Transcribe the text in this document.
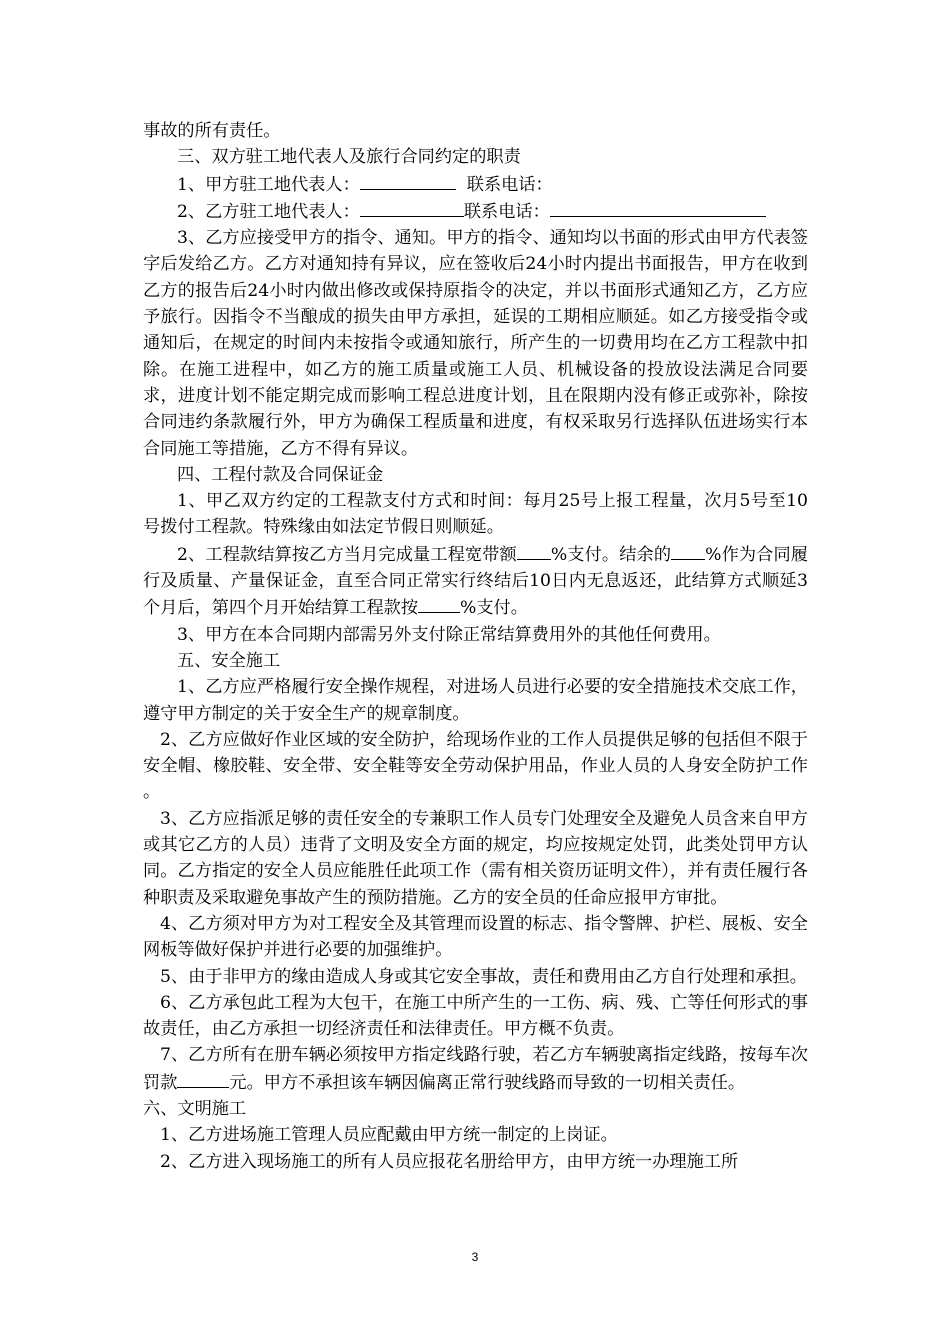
事故的所有责任。

三、双方驻工地代表人及旅行合同约定的职责

1、甲方驻工地代表人：	联系电话：

2、乙方驻工地代表人：	联系电话：

3、乙方应接受甲方的指令、通知。甲方的指令、通知均以书面的形式由甲方代表签字后发给乙方。乙方对通知持有异议，应在签收后24小时内提出书面报告，甲方在收到乙方的报告后24小时内做出修改或保持原指令的决定，并以书面形式通知乙方，乙方应予旅行。因指令不当酿成的损失由甲方承担，延误的工期相应顺延。如乙方接受指令或通知后，在规定的时间内未按指令或通知旅行，所产生的一切费用均在乙方工程款中扣除。在施工进程中，如乙方的施工质量或施工人员、机械设备的投放设法满足合同要求，进度计划不能定期完成而影响工程总进度计划，且在限期内没有修正或弥补，除按合同违约条款履行外，甲方为确保工程质量和进度，有权采取另行选择队伍进场实行本合同施工等措施，乙方不得有异议。

四、工程付款及合同保证金

1、甲乙双方约定的工程款支付方式和时间：每月25号上报工程量，次月5号至10号拨付工程款。特殊缘由如法定节假日则顺延。

2、工程款结算按乙方当月完成量工程宽带额 %支付。结余的 %作为合同履行及质量、产量保证金，直至合同正常实行终结后10日内无息返还，此结算方式顺延3个月后，第四个月开始结算工程款按 %支付。

3、甲方在本合同期内部需另外支付除正常结算费用外的其他任何费用。

五、安全施工

1、乙方应严格履行安全操作规程，对进场人员进行必要的安全措施技术交底工作，遵守甲方制定的关于安全生产的规章制度。

2、乙方应做好作业区域的安全防护，给现场作业的工作人员提供足够的包括但不限于安全帽、橡胶鞋、安全带、安全鞋等安全劳动保护用品，作业人员的人身安全防护工作 。

3、乙方应指派足够的责任安全的专兼职工作人员专门处理安全及避免人员含来自甲方或其它乙方的人员）违背了文明及安全方面的规定，均应按规定处罚，此类处罚甲方认同。乙方指定的安全人员应能胜任此项工作（需有相关资历证明文件），并有责任履行各种职责及采取避免事故产生的预防措施。乙方的安全员的任命应报甲方审批。

4、乙方须对甲方为对工程安全及其管理而设置的标志、指令警牌、护栏、展板、安全网板等做好保护并进行必要的加强维护。

5、由于非甲方的缘由造成人身或其它安全事故，责任和费用由乙方自行处理和承担。

6、乙方承包此工程为大包干，在施工中所产生的一工伤、病、残、亡等任何形式的事故责任，由乙方承担一切经济责任和法律责任。甲方概不负责。

7、乙方所有在册车辆必须按甲方指定线路行驶，若乙方车辆驶离指定线路，按每车次罚款	元。甲方不承担该车辆因偏离正常行驶线路而导致的一切相关责任。

六、文明施工

1、乙方进场施工管理人员应配戴由甲方统一制定的上岗证。

2、乙方进入现场施工的所有人员应报花名册给甲方，由甲方统一办理施工所

3
